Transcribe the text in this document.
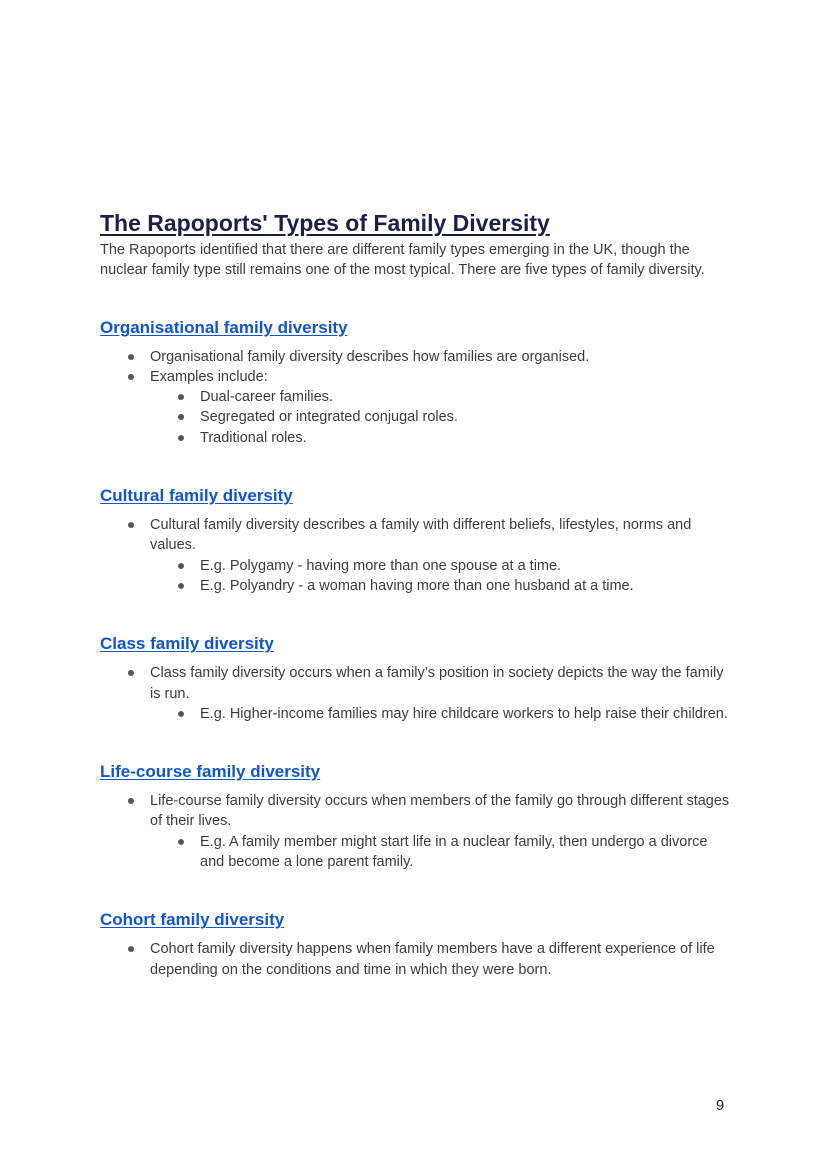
The Rapoports' Types of Family Diversity

The Rapoports identified that there are different family types emerging in the UK, though the nuclear family type still remains one of the most typical. There are five types of family diversity.

Organisational family diversity
Organisational family diversity describes how families are organised.
Examples include:
Dual-career families.
Segregated or integrated conjugal roles.
Traditional roles.
Cultural family diversity
Cultural family diversity describes a family with different beliefs, lifestyles, norms and values.
E.g. Polygamy - having more than one spouse at a time.
E.g. Polyandry - a woman having more than one husband at a time.
Class family diversity
Class family diversity occurs when a family’s position in society depicts the way the family is run.
E.g. Higher-income families may hire childcare workers to help raise their children.
Life-course family diversity
Life-course family diversity occurs when members of the family go through different stages of their lives.
E.g. A family member might start life in a nuclear family, then undergo a divorce and become a lone parent family.
Cohort family diversity
Cohort family diversity happens when family members have a different experience of life depending on the conditions and time in which they were born.
9
